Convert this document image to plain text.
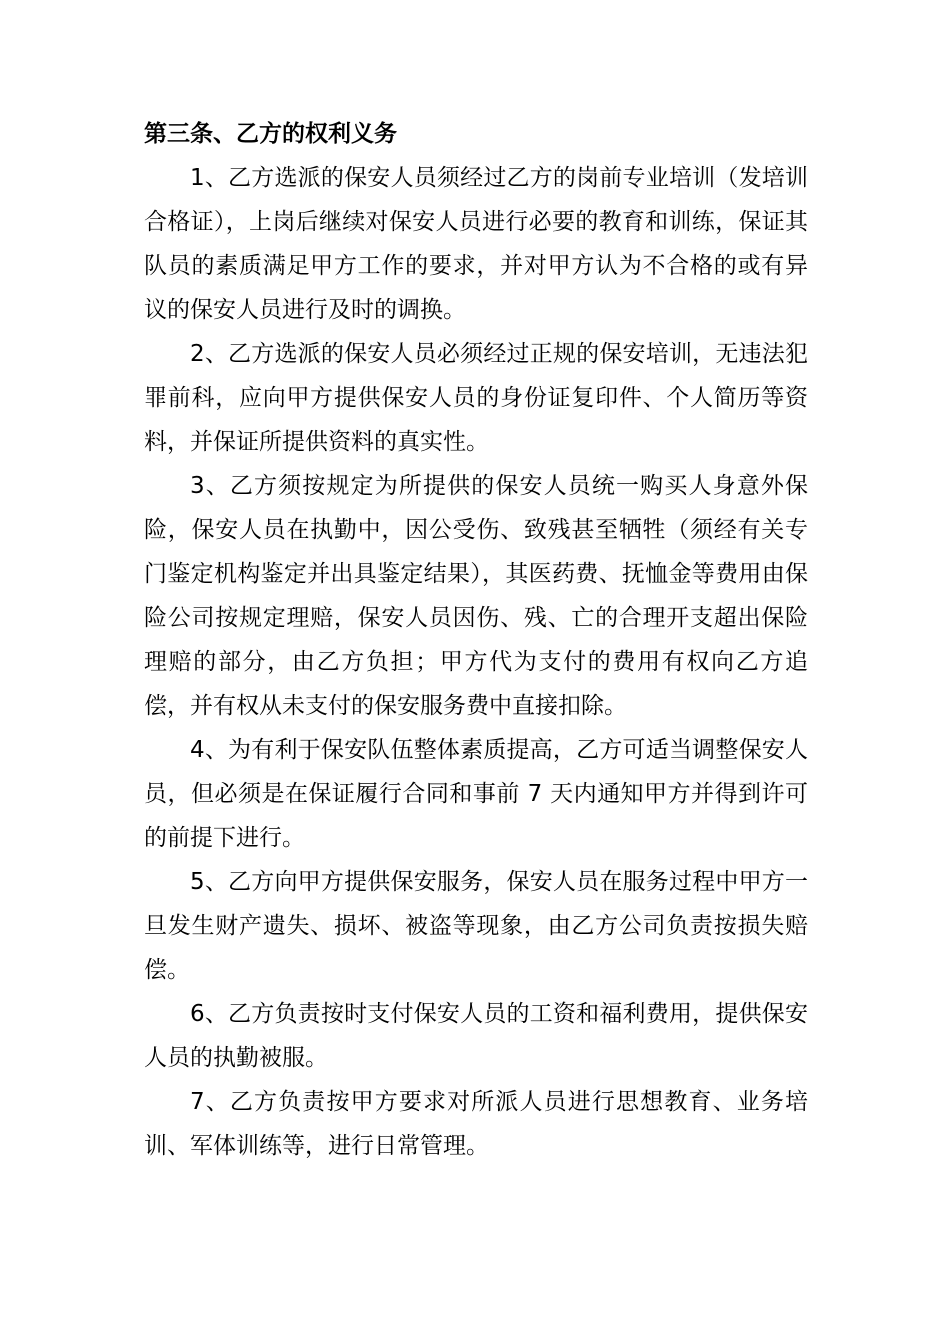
第三条、乙方的权利义务

1、乙方选派的保安人员须经过乙方的岗前专业培训（发培训合格证），上岗后继续对保安人员进行必要的教育和训练，保证其队员的素质满足甲方工作的要求，并对甲方认为不合格的或有异议的保安人员进行及时的调换。

2、乙方选派的保安人员必须经过正规的保安培训，无违法犯罪前科，应向甲方提供保安人员的身份证复印件、个人简历等资料，并保证所提供资料的真实性。

3、乙方须按规定为所提供的保安人员统一购买人身意外保险，保安人员在执勤中，因公受伤、致残甚至牺牲（须经有关专门鉴定机构鉴定并出具鉴定结果），其医药费、抚恤金等费用由保险公司按规定理赔，保安人员因伤、残、亡的合理开支超出保险理赔的部分，由乙方负担；甲方代为支付的费用有权向乙方追偿，并有权从未支付的保安服务费中直接扣除。

4、为有利于保安队伍整体素质提高，乙方可适当调整保安人员，但必须是在保证履行合同和事前 7 天内通知甲方并得到许可的前提下进行。

5、乙方向甲方提供保安服务，保安人员在服务过程中甲方一旦发生财产遗失、损坏、被盗等现象，由乙方公司负责按损失赔偿。

6、乙方负责按时支付保安人员的工资和福利费用，提供保安人员的执勤被服。

7、乙方负责按甲方要求对所派人员进行思想教育、业务培训、军体训练等，进行日常管理。
